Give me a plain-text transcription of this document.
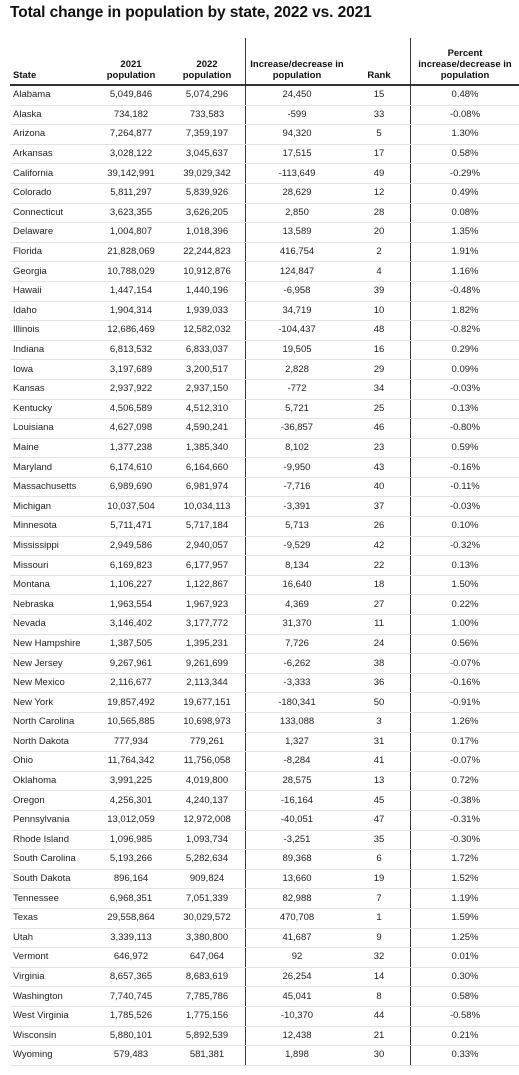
Total change in population by state, 2022 vs. 2021
State	2021 population	2022 population	Increase/decrease in population	Rank	Percent increase/decrease in population
Alabama	5,049,846	5,074,296	24,450	15	0.48%
Alaska	734,182	733,583	-599	33	-0.08%
Arizona	7,264,877	7,359,197	94,320	5	1.30%
Arkansas	3,028,122	3,045,637	17,515	17	0.58%
California	39,142,991	39,029,342	-113,649	49	-0.29%
Colorado	5,811,297	5,839,926	28,629	12	0.49%
Connecticut	3,623,355	3,626,205	2,850	28	0.08%
Delaware	1,004,807	1,018,396	13,589	20	1.35%
Florida	21,828,069	22,244,823	416,754	2	1.91%
Georgia	10,788,029	10,912,876	124,847	4	1.16%
Hawaii	1,447,154	1,440,196	-6,958	39	-0.48%
Idaho	1,904,314	1,939,033	34,719	10	1.82%
Illinois	12,686,469	12,582,032	-104,437	48	-0.82%
Indiana	6,813,532	6,833,037	19,505	16	0.29%
Iowa	3,197,689	3,200,517	2,828	29	0.09%
Kansas	2,937,922	2,937,150	-772	34	-0.03%
Kentucky	4,506,589	4,512,310	5,721	25	0.13%
Louisiana	4,627,098	4,590,241	-36,857	46	-0.80%
Maine	1,377,238	1,385,340	8,102	23	0.59%
Maryland	6,174,610	6,164,660	-9,950	43	-0.16%
Massachusetts	6,989,690	6,981,974	-7,716	40	-0.11%
Michigan	10,037,504	10,034,113	-3,391	37	-0.03%
Minnesota	5,711,471	5,717,184	5,713	26	0.10%
Mississippi	2,949,586	2,940,057	-9,529	42	-0.32%
Missouri	6,169,823	6,177,957	8,134	22	0.13%
Montana	1,106,227	1,122,867	16,640	18	1.50%
Nebraska	1,963,554	1,967,923	4,369	27	0.22%
Nevada	3,146,402	3,177,772	31,370	11	1.00%
New Hampshire	1,387,505	1,395,231	7,726	24	0.56%
New Jersey	9,267,961	9,261,699	-6,262	38	-0.07%
New Mexico	2,116,677	2,113,344	-3,333	36	-0.16%
New York	19,857,492	19,677,151	-180,341	50	-0.91%
North Carolina	10,565,885	10,698,973	133,088	3	1.26%
North Dakota	777,934	779,261	1,327	31	0.17%
Ohio	11,764,342	11,756,058	-8,284	41	-0.07%
Oklahoma	3,991,225	4,019,800	28,575	13	0.72%
Oregon	4,256,301	4,240,137	-16,164	45	-0.38%
Pennsylvania	13,012,059	12,972,008	-40,051	47	-0.31%
Rhode Island	1,096,985	1,093,734	-3,251	35	-0.30%
South Carolina	5,193,266	5,282,634	89,368	6	1.72%
South Dakota	896,164	909,824	13,660	19	1.52%
Tennessee	6,968,351	7,051,339	82,988	7	1.19%
Texas	29,558,864	30,029,572	470,708	1	1.59%
Utah	3,339,113	3,380,800	41,687	9	1.25%
Vermont	646,972	647,064	92	32	0.01%
Virginia	8,657,365	8,683,619	26,254	14	0.30%
Washington	7,740,745	7,785,786	45,041	8	0.58%
West Virginia	1,785,526	1,775,156	-10,370	44	-0.58%
Wisconsin	5,880,101	5,892,539	12,438	21	0.21%
Wyoming	579,483	581,381	1,898	30	0.33%
